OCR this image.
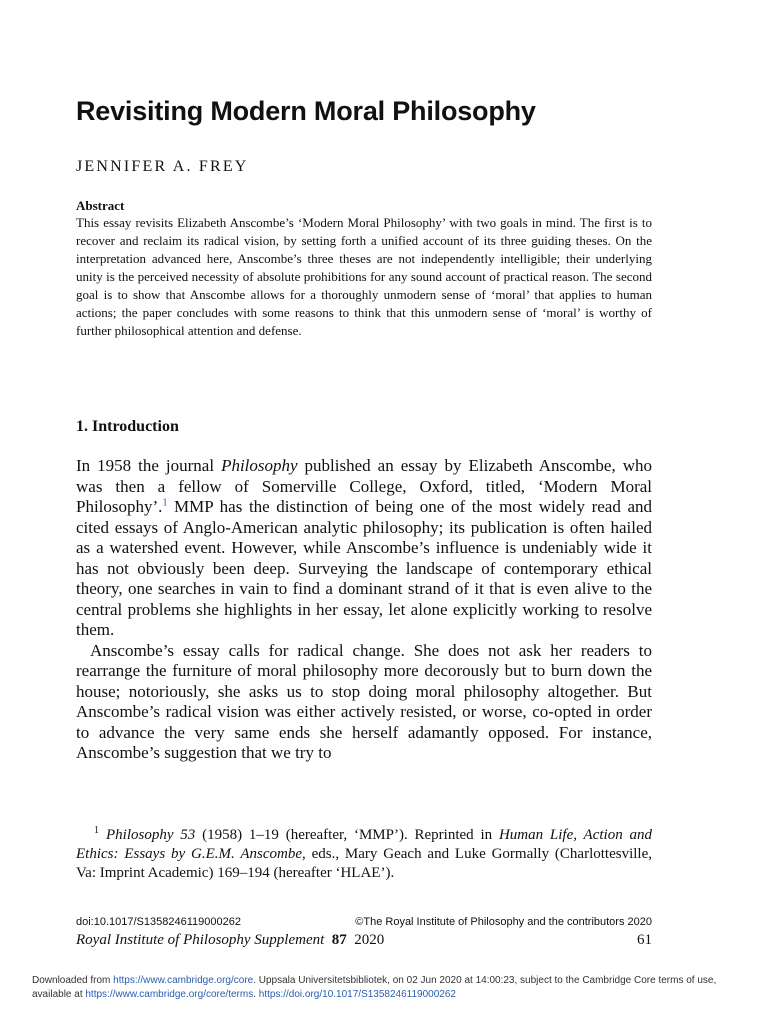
Revisiting Modern Moral Philosophy
JENNIFER A. FREY
Abstract

This essay revisits Elizabeth Anscombe’s ‘Modern Moral Philosophy’ with two goals in mind. The first is to recover and reclaim its radical vision, by setting forth a unified account of its three guiding theses. On the interpretation advanced here, Anscombe’s three theses are not independently intelligible; their underlying unity is the perceived necessity of absolute prohibitions for any sound account of practical reason. The second goal is to show that Anscombe allows for a thoroughly unmodern sense of ‘moral’ that applies to human actions; the paper concludes with some reasons to think that this unmodern sense of ‘moral’ is worthy of further philosophical attention and defense.

1. Introduction

In 1958 the journal Philosophy published an essay by Elizabeth Anscombe, who was then a fellow of Somerville College, Oxford, titled, ‘Modern Moral Philosophy’.$^1$ MMP has the distinction of being one of the most widely read and cited essays of Anglo-American analytic philosophy; its publication is often hailed as a watershed event. However, while Anscombe’s influence is undeniably wide it has not obviously been deep. Surveying the landscape of contemporary ethical theory, one searches in vain to find a dominant strand of it that is even alive to the central problems she highlights in her essay, let alone explicitly working to resolve them.

Anscombe’s essay calls for radical change. She does not ask her readers to rearrange the furniture of moral philosophy more decorously but to burn down the house; notoriously, she asks us to stop doing moral philosophy altogether. But Anscombe’s radical vision was either actively resisted, or worse, co-opted in order to advance the very same ends she herself adamantly opposed. For instance, Anscombe’s suggestion that we try to

1 Philosophy 53 (1958) 1–19 (hereafter, ‘MMP’). Reprinted in Human Life, Action and Ethics: Essays by G.E.M. Anscombe, eds., Mary Geach and Luke Gormally (Charlottesville, Va: Imprint Academic) 169–194 (hereafter ‘HLAE’).
doi:10.1017/S1358246119000262	©The Royal Institute of Philosophy and the contributors 2020
Royal Institute of Philosophy Supplement 87 2020	61
Downloaded from https://www.cambridge.org/core. Uppsala Universitetsbibliotek, on 02 Jun 2020 at 14:00:23, subject to the Cambridge Core terms of use, available at https://www.cambridge.org/core/terms. https://doi.org/10.1017/S1358246119000262
